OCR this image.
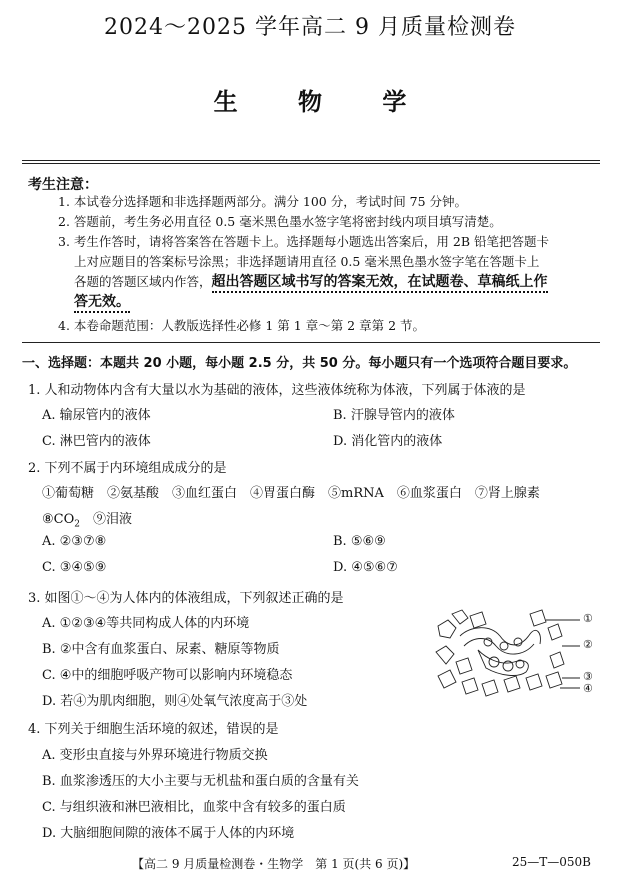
2024～2025 学年高二 9 月质量检测卷
生 物 学
考生注意：
1. 本试卷分选择题和非选择题两部分。满分 100 分，考试时间 75 分钟。
2. 答题前，考生务必用直径 0.5 毫米黑色墨水签字笔将密封线内项目填写清楚。
3. 考生作答时，请将答案答在答题卡上。选择题每小题选出答案后，用 2B 铅笔把答题卡
上对应题目的答案标号涂黑；非选择题请用直径 0.5 毫米黑色墨水签字笔在答题卡上
各题的答题区域内作答，超出答题区域书写的答案无效，在试题卷、草稿纸上作
答无效。
4. 本卷命题范围：人教版选择性必修 1 第 1 章～第 2 章第 2 节。
一、选择题：本题共 20 小题，每小题 2.5 分，共 50 分。每小题只有一个选项符合题目要求。
1. 人和动物体内含有大量以水为基础的液体，这些液体统称为体液，下列属于体液的是
A. 输尿管内的液体	B. 汗腺导管内的液体
C. 淋巴管内的液体	D. 消化管内的液体
2. 下列不属于内环境组成成分的是
①葡萄糖　②氨基酸　③血红蛋白　④胃蛋白酶　⑤mRNA　⑥血浆蛋白　⑦肾上腺素
$⑧CO_2$　⑨泪液
A. ②③⑦⑧	B. ⑤⑥⑨
C. ③④⑤⑨	D. ④⑤⑥⑦
3. 如图①～④为人体内的体液组成，下列叙述正确的是
A. ①②③④等共同构成人体的内环境
B. ②中含有血浆蛋白、尿素、糖原等物质
C. ④中的细胞呼吸产物可以影响内环境稳态
D. 若④为肌肉细胞，则④处氧气浓度高于③处
①
②
③
④
4. 下列关于细胞生活环境的叙述，错误的是
A. 变形虫直接与外界环境进行物质交换
B. 血浆渗透压的大小主要与无机盐和蛋白质的含量有关
C. 与组织液和淋巴液相比，血浆中含有较多的蛋白质
D. 大脑细胞间隙的液体不属于人体的内环境
【高二 9 月质量检测卷・生物学　第 1 页(共 6 页)】	25—T—050B
